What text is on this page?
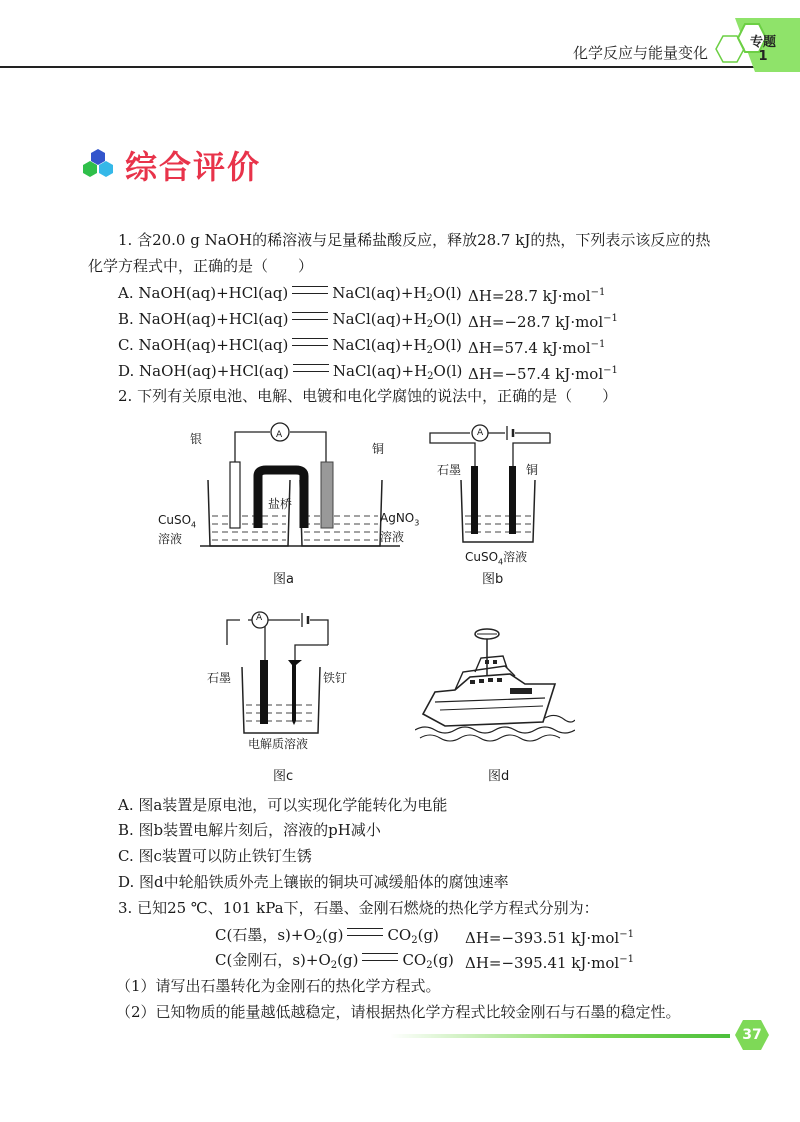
化学反应与能量变化
专题
1
综合评价
1. 含20.0 g NaOH的稀溶液与足量稀盐酸反应，释放28.7 kJ的热，下列表示该反应的热
化学方程式中，正确的是（　　）
A. NaOH(aq)+HCl(aq)	$NaCl(aq)+H_2O(l)$ ΔH=28.7 kJ·mol$^{-1}$
B. NaOH(aq)+HCl(aq)	$NaCl(aq)+H_2O(l)$ ΔH=−28.7 kJ·mol$^{-1}$
C. NaOH(aq)+HCl(aq)	$NaCl(aq)+H_2O(l)$ ΔH=57.4 kJ·mol$^{-1}$
D. NaOH(aq)+HCl(aq)	$NaCl(aq)+H_2O(l)$ ΔH=−57.4 kJ·mol$^{-1}$
2. 下列有关原电池、电解、电镀和电化学腐蚀的说法中，正确的是（　　）
银
铜
盐桥
CuSO$_4$
溶液
AgNO$_3$
溶液
A
图a
A
石墨	铜
CuSO$_4$溶液
图b
A
石墨	铁钉
电解质溶液
图c	图d
A. 图a装置是原电池，可以实现化学能转化为电能
B. 图b装置电解片刻后，溶液的pH减小
C. 图c装置可以防止铁钉生锈
D. 图d中轮船铁质外壳上镶嵌的铜块可减缓船体的腐蚀速率
3. 已知25 ℃、101 kPa下，石墨、金刚石燃烧的热化学方程式分别为：
C(石墨，$s)+O_2(g)$	$CO_2(g)$ ΔH=−393.51 kJ·mol$^{-1}$
C(金刚石，$s)+O_2(g)$	$CO_2(g)$ ΔH=−395.41 kJ·mol$^{-1}$
（1）请写出石墨转化为金刚石的热化学方程式。
（2）已知物质的能量越低越稳定，请根据热化学方程式比较金刚石与石墨的稳定性。
37
